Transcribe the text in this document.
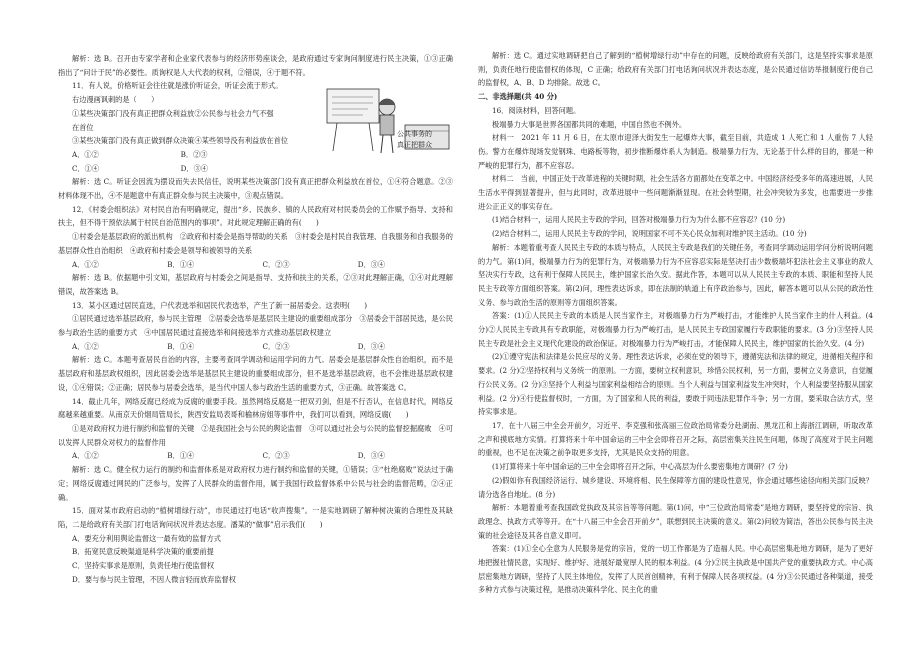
解析：选 B。召开由专家学者和企业家代表参与的经济形势座谈会，是政府通过专家询问制度进行民主决策，①③正确指出了“问计于民”的必要性。质询权是人大代表的权利，②错误，④于题不符。

公共事务的
真正把群众

11．有人说，价格听证会往往就是涨价听证会，听证会流于形式。

右边漫画讽刺的是（　　）

①某些决策部门没有真正把群众利益放在首位
②公民参与社会力气不强
③某些决策部门没有真正做到群众决策 ④某些领导没有利益放在首位
A．①②	B．②③
C．①④	D．③④

解析：选 C。听证会因流为摆设而失去民信任，说明某些决策部门没有真正把群众利益放在首位，①④符合题意。②③材料体现不出，④不是题意中有真正群众参与民主决策中，③观点错误。

12．《村委会组织法》对村民自治有明确规定，提出“乡、民族乡、镇的人民政府对村民委员会的工作赋予指导、支持和扶主，但不得干预依法属于村民自治范围内的事项”。对此规定理解正确的有(　　)

①村委会是基层政府的派出机构　②政府和村委会是指导帮助的关系　③村委会是村民自我管理、自我服务和自我服务的基层群众性自治组织　④政府和村委会是领导和被领导的关系

A．①②	B．①④	C．②③	D．③④

解析：选 B。依据题中引文知，基层政府与村委会之间是指导、支持和扶主的关系，②③对此理解正确，①④对此理解错误，故答案选 B。

13．某小区通过居民直选，户代表选举和居民代表选举，产生了新一届居委会。这表明(　　)

①居民通过选举基层政府，参与民主管理　②居委会选举是基层民主建设的重要组成部分　③居委会干部居民选，是公民参与政治生活的重要方式　④中国居民通过直接选举和间接选举方式推动基层政权建立

A．①②	B．①④	C．②③	D．③④

解析：选 C。本题考查居民自治的内容，主要考查同学调动和运用学问的力气。居委会是基层群众性自治组织，而不是基层政府和基层政权组织，因此居委会选举是基层民主建设的重要组成部分，但不是选举基层政府，也不会推进基层政权建设，①④错误；②正确；居民参与居委会选举，是当代中国人参与政治生活的重要方式，③正确。故答案选 C。

14．截止几年，网络反腐已经成为反腐的重要手段。虽然网络反腐是一把双刃剑，但是不行否认，在信息时代，网络反腐越来越重要。从南京天价烟局管局长，陕西安监局表哥和榆林房姐等事件中，我们可以看到，网络反腐(　　)

①是对政府权力进行制约和监督的关键　②是我国社会与公民的舆论监督　③可以通过社会与公民的监督挖掘腐败　④可以发挥人民群众对权力的监督作用

A．①②	B．①④	C．②③	D．③④

解析：选 C。健全权力运行的制约和监督体系是对政府权力进行制约和监督的关键，①错误；③“杜绝腐败”说法过于确定；网络反腐通过网民的广泛参与，发挥了人民群众的监督作用，属于我国行政监督体系中公民与社会的监督范畴，②④正确。

15．面对某市政府启动的“植树增绿行动”，市民通过打电话“收声搜集”。一是实地调研了解种树决策的合理性及其缺陷，二是给政府有关部门打电话询问状况并表达态度。潘某的“做事”启示我们(　　)

A．要充分利用舆论监督这一最有效的监督方式
B．拓宽民意反映渠道是科学决策的重要前提
C．坚持实事求是原则，负责任地行使监督权
D．要与参与民主管理，不因人微言轻而放弃监督权

解析：选 C。通过实地调研把自己了解到的“植树增绿行动”中存在的问题，反映给政府有关部门，这是坚持实事求是原则，负责任地行使监督权的体现，C 正确；给政府有关部门打电话询问状况并表达态度，是公民通过信访举报制度行使自己的监督权，A、B、D 均排除。故选 C。

二、非选择题(共 40 分)

16．阅读材料，回答问题。

极端暴力大事是世界各国都共同的难题，中国自然也不例外。

材料一　2021 年 11 月 6 日，在太原市迎泽大街发生一起爆炸大事，截至目前，共造成 1 人死亡和 1 人重伤 7 人轻伤。警方在爆炸现场发觉钢珠、电路板等物，初步推断爆炸系人为制造。极端暴力行为，无论基于什么样的目的，都是一种严峻的犯罪行为，都不应容忍。

材料二　当前，中国正处于改革进程的关键时期，社会生活各方面都处在变革之中。中国经济经受多年的高速进展，人民生活水平得到显著提升，但与此同时，改革进展中一些问题渐渐显现。在社会转型期，社会冲突较为多发，也需要进一步推进公正正义的事实存在。

(1)结合材料一，运用人民民主专政的学问，回答对极端暴力行为为什么都不应容忍？(10 分)

(2)结合材料二，运用人民民主专政的学问，说明国家不可不关心民众加利对维护民主活动。(10 分)

解析：本题着重考查人民民主专政的本质与特点，人民民主专政是我们的关键任务，考查同学调动运用学问分析说明问题的力气。第(1)问，极端暴力行为的犯罪行为，对极端暴力行为不应容忍实际是坚决打击少数极端坏犯法社会主义事业的敌人坚决实行专政，这有利于保障人民民主，维护国家长治久安。据此作答，本题可以从人民民主专政的本质、职能和坚持人民民主专政等方面组织答案。第(2)问，理性表达诉求，即在法制的轨道上有序政治参与，因此，解答本题可以从公民的政治性义务、参与政治生活的原则等方面组织答案。

答案：(1)①人民民主专政的本质是人民当家作主，对极端暴力行为严峻打击，才能维护人民当家作主的什人利益。(4 分)②人民民主专政具有专政职能，对极端暴力行为严峻打击，是人民民主专政国家履行专政职能的要求。(3 分)③坚持人民民主专政是社会主义现代化建设的政治保证。对极端暴力行为严峻打击，才能保障人民民主，维护国家的长治久安。(4 分)

(2)①遵守宪法和法律是公民应尽的义务。理性表达诉求，必须在党的领导下，遵循宪法和法律的规定，进循相关程序和要求。(2 分)②坚持权利与义务统一的原则。一方面，要树立权利意识，珍惜公民权利，另一方面，要树立义务意识，自觉履行公民义务。(2 分)③坚持个人利益与国家利益相结合的原则。当个人利益与国家利益发生冲突时，个人利益要坚持服从国家利益。(2 分)④行使监督权时，一方面，为了国家和人民的利益，要敢于同违法犯罪作斗争；另一方面，要采取合法方式，坚持实事求是。

17．在十八届三中全会开前夕，习近平、李克强和张高丽三位政治局常委分赴湖南、黑龙江和上海浙江调研，听取改革之声和摸底地方实情。打算将来十年中国命运的三中全会即将召开之际，高层密集关注民生问题，体现了高度对于民主问题的重视，也不足在决策之前争取更多支持，尤其是民众支持的用意。

(1)打算将来十年中国命运的三中全会即将召开之际，中心高层为什么要密集地方调研？(7 分)

(2)假如你有我国经济运行、城乡建设、环境将相、民生保障等方面的建设性意见，你会通过哪些途径向相关部门反映？请分选各自地址。(8 分)

解析：本题着重考查我国政党执政及其宗旨等等问题。第(1)问，中“三位政治局常委”是地方调研，要坚持党的宗旨、执政理念、执政方式等等开。在“十八届三中全会召开前夕”，联想到民主决策的意义。第(2)问较为简洁，答出公民参与民主决策的社会途径及其各自意义即可。

答案：(1)①全心全意为人民服务是党的宗旨，党的一切工作都是为了造福人民。中心高层密集赴地方调研，是为了更好地把握社情民意，实现好、维护好、进展好最宽厚人民的根本利益。(4 分)②民主执政是中国共产党的重要执政方式。中心高层密集地方调研，坚持了人民主体地位，发挥了人民首创精神，有利于保障人民各项权益。(4 分)③公民通过各种渠道，接受多种方式参与决策过程，是推动决策科学化、民主化的重
